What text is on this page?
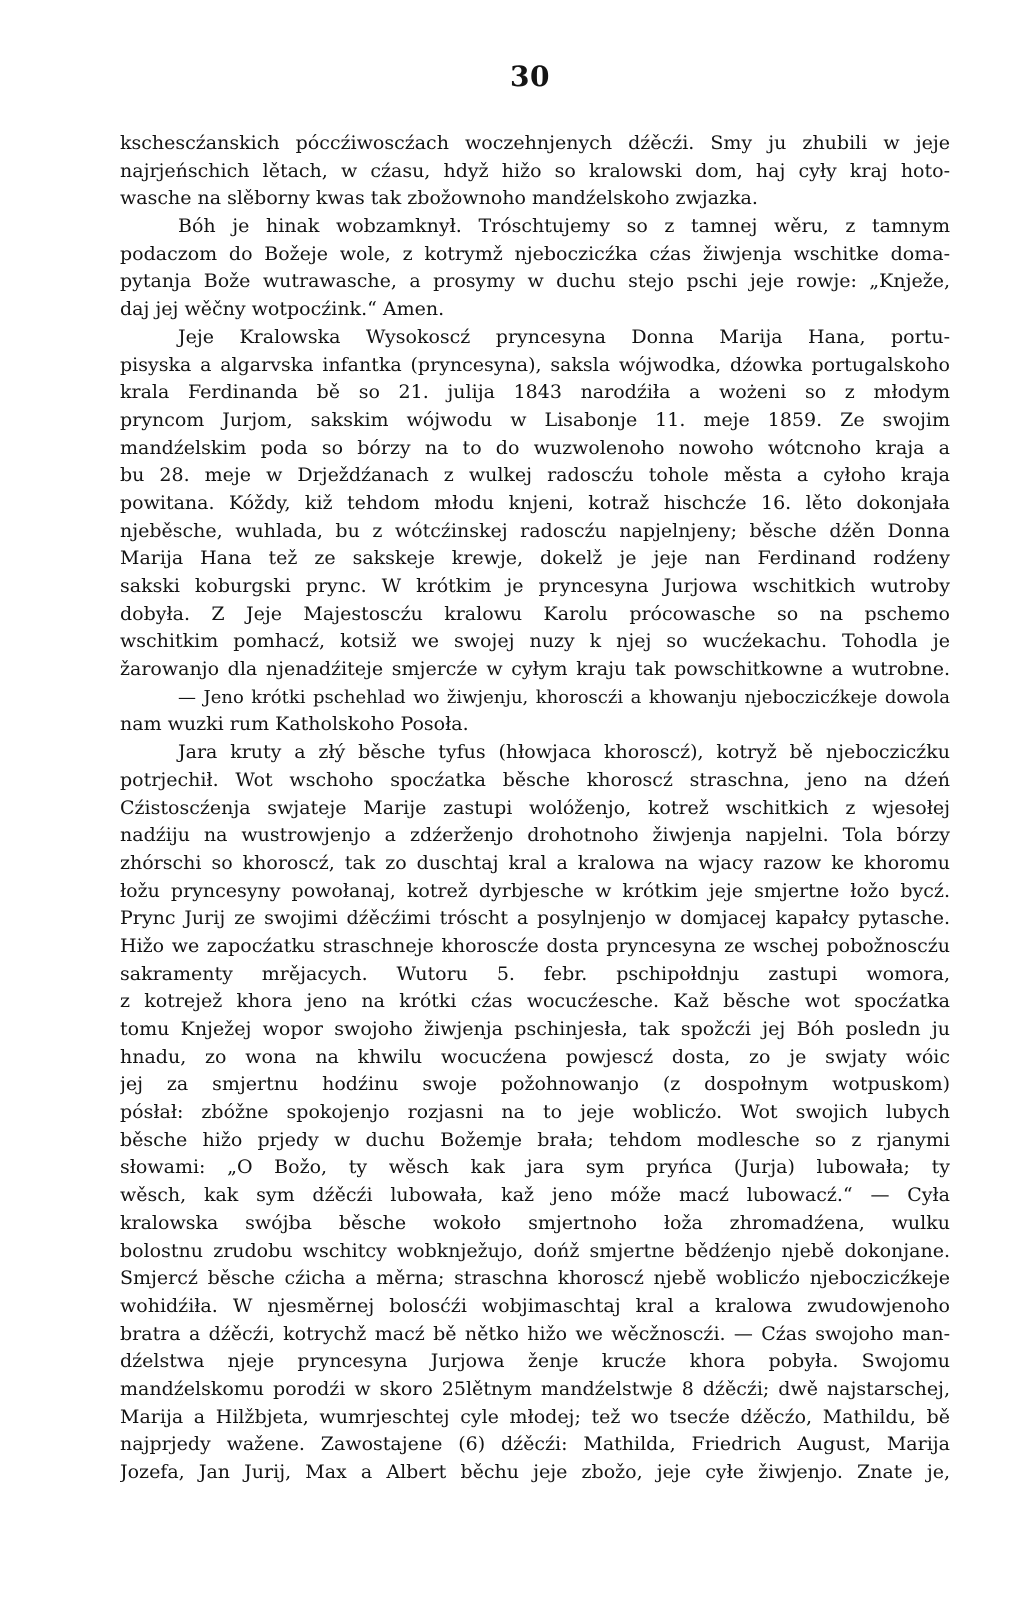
30
kschescźanskich póccźiwoscźach woczehnjenych dźěcźi. Smy ju zhubili w jeje
najrjeńschich lětach, w cźasu, hdyž hižo so kralowski dom, haj cyły kraj hoto-
wasche na slěborny kwas tak zbožownoho mandźelskoho zwjazka.
Bóh je hinak wobzamknył. Tróschtujemy so z tamnej wěru, z tamnym
podaczom do Božeje wole, z kotrymž njeboczicźka cźas žiwjenja wschitke doma-
pytanja Bože wutrawasche, a prosymy w duchu stejo pschi jeje rowje: „Knježe,
daj jej wěčny wotpocźink.“ Amen.
Jeje Kralowska Wysokoscź pryncesyna Donna Marija Hana, portu-
pisyska a algarvska infantka (pryncesyna), saksla wójwodka, dźowka portugalskoho
krala Ferdinanda bě so 21. julija 1843 narodźiła a wożeni so z młodym
pryncom Jurjom, sakskim wójwodu w Lisabonje 11. meje 1859. Ze swojim
mandźelskim poda so bórzy na to do wuzwolenoho nowoho wótcnoho kraja a
bu 28. meje w Drježdźanach z wulkej radoscźu tohole města a cyłoho kraja
powitana. Kóždy, kiž tehdom młodu knjeni, kotraž hischcźe 16. lěto dokonjała
njeběsche, wuhlada, bu z wótcźinskej radoscźu napjelnjeny; běsche dźěn Donna
Marija Hana tež ze sakskeje krewje, dokelž je jeje nan Ferdinand rodźeny
sakski koburgski prync. W krótkim je pryncesyna Jurjowa wschitkich wutroby
dobyła. Z Jeje Majestoscźu kralowu Karolu prócowasche so na pschemo
wschitkim pomhacź, kotsiž we swojej nuzy k njej so wucźekachu. Tohodla je
žarowanjo dla njenadźiteje smjercźe w cyłym kraju tak powschitkowne a wutrobne.
— Jeno krótki pschehlad wo žiwjenju, khoroscźi a khowanju njeboczicźkeje dowola
nam wuzki rum Katholskoho Posoła.
Jara kruty a złý běsche tyfus (hłowjaca khoroscź), kotryž bě njeboczicźku
potrjechił. Wot wschoho spocźatka běsche khoroscź straschna, jeno na dźeń
Cźistoscźenja swjateje Marije zastupi wolóženjo, kotrež wschitkich z wjesołej
nadźiju na wustrowjenjo a zdźerženjo drohotnoho žiwjenja napjelni. Tola bórzy
zhórschi so khoroscź, tak zo duschtaj kral a kralowa na wjacy razow ke khoromu
łožu pryncesyny powołanaj, kotrež dyrbjesche w krótkim jeje smjertne łožo bycź.
Prync Jurij ze swojimi dźěcźimi tróscht a posylnjenjo w domjacej kapałcy pytasche.
Hižo we zapocźatku straschneje khoroscźe dosta pryncesyna ze wschej pobožnoscźu
sakramenty mrějacych. Wutoru 5. febr. pschipołdnju zastupi womora,
z kotrejež khora jeno na krótki cźas wocucźesche. Kaž běsche wot spocźatka
tomu Knježej wopor swojoho žiwjenja pschinjesła, tak spožcźi jej Bóh posledn ju
hnadu, zo wona na khwilu wocucźena powjescź dosta, zo je swjaty wóic
jej za smjertnu hodźinu swoje požohnowanjo (z dospołnym wotpuskom)
pósłał: zbóžne spokojenjo rozjasni na to jeje woblicźo. Wot swojich lubych
běsche hižo prjedy w duchu Božemje brała; tehdom modlesche so z rjanymi
słowami: „O Božo, ty wěsch kak jara sym pryńca (Jurja) lubowała; ty
wěsch, kak sym dźěcźi lubowała, kaž jeno móže macź lubowacź.“ — Cyła
kralowska swójba běsche wokoło smjertnoho łoža zhromadźena, wulku
bolostnu zrudobu wschitcy wobknježujo, dońž smjertne bědźenjo njebě dokonjane.
Smjercź běsche cźicha a měrna; straschna khoroscź njebě woblicźo njeboczicźkeje
wohidźiła. W njesměrnej bolosćźi wobjimaschtaj kral a kralowa zwudowjenoho
bratra a dźěcźi, kotrychž macź bě nětko hižo we wěcžnoscźi. — Cźas swojoho man-
dźelstwa njeje pryncesyna Jurjowa ženje krucźe khora pobyła. Swojomu
mandźelskomu porodźi w skoro 25lětnym mandźelstwje 8 dźěcźi; dwě najstarschej,
Marija a Hilžbjeta, wumrjeschtej cyle młodej; tež wo tsecźe dźěcźo, Mathildu, bě
najprjedy wažene. Zawostajene (6) dźěcźi: Mathilda, Friedrich August, Marija
Jozefa, Jan Jurij, Max a Albert běchu jeje zbožo, jeje cyłe žiwjenjo. Znate je,
